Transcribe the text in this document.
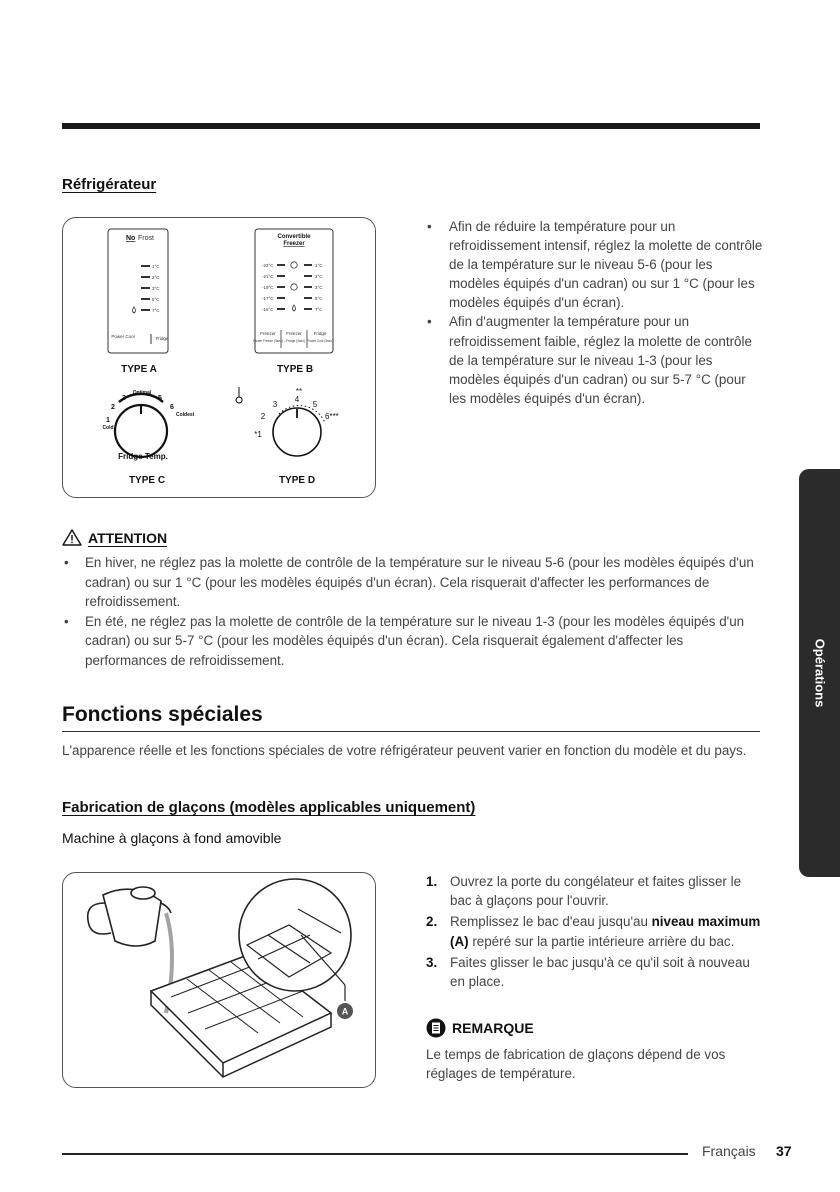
Réfrigérateur
No Frost
1°C
2°C
3°C
5°C
7°C
Power Cool	Fridge
TYPE A
Convertible
Freezer
-23°C
-21°C
-19°C
-17°C
-15°C
1°C
2°C
3°C
5°C
7°C
Freezer Freezer	Fridge
Power Freeze (3sec) ↔Fridge (3sec) Power Cool (3sec)
TYPE B
Optimal
3	5
2	6
Coldest
1
Cold
Fridge Temp.
TYPE C
**
3
4
5
2	6***
*1
TYPE D
• Afin de réduire la température pour un refroidissement intensif, réglez la molette de contrôle de la température sur le niveau 5-6 (pour les modèles équipés d'un cadran) ou sur 1 °C (pour les modèles équipés d'un écran).
• Afin d'augmenter la température pour un refroidissement faible, réglez la molette de contrôle de la température sur le niveau 1-3 (pour les modèles équipés d'un cadran) ou sur 5-7 °C (pour les modèles équipés d'un écran).
ATTENTION
• En hiver, ne réglez pas la molette de contrôle de la température sur le niveau 5-6 (pour les modèles équipés d'un cadran) ou sur 1 °C (pour les modèles équipés d'un écran). Cela risquerait d'affecter les performances de refroidissement.
• En été, ne réglez pas la molette de contrôle de la température sur le niveau 1-3 (pour les modèles équipés d'un cadran) ou sur 5-7 °C (pour les modèles équipés d'un écran). Cela risquerait également d'affecter les performances de refroidissement.
Fonctions spéciales

L'apparence réelle et les fonctions spéciales de votre réfrigérateur peuvent varier en fonction du modèle et du pays.

Fabrication de glaçons (modèles applicables uniquement)
Machine à glaçons à fond amovible
A
1. Ouvrez la porte du congélateur et faites glisser le bac à glaçons pour l'ouvrir.
2. Remplissez le bac d'eau jusqu'au niveau maximum (A) repéré sur la partie intérieure arrière du bac.
3. Faites glisser le bac jusqu'à ce qu'il soit à nouveau en place.
REMARQUE

Le temps de fabrication de glaçons dépend de vos réglages de température.

Opérations
Français 37
